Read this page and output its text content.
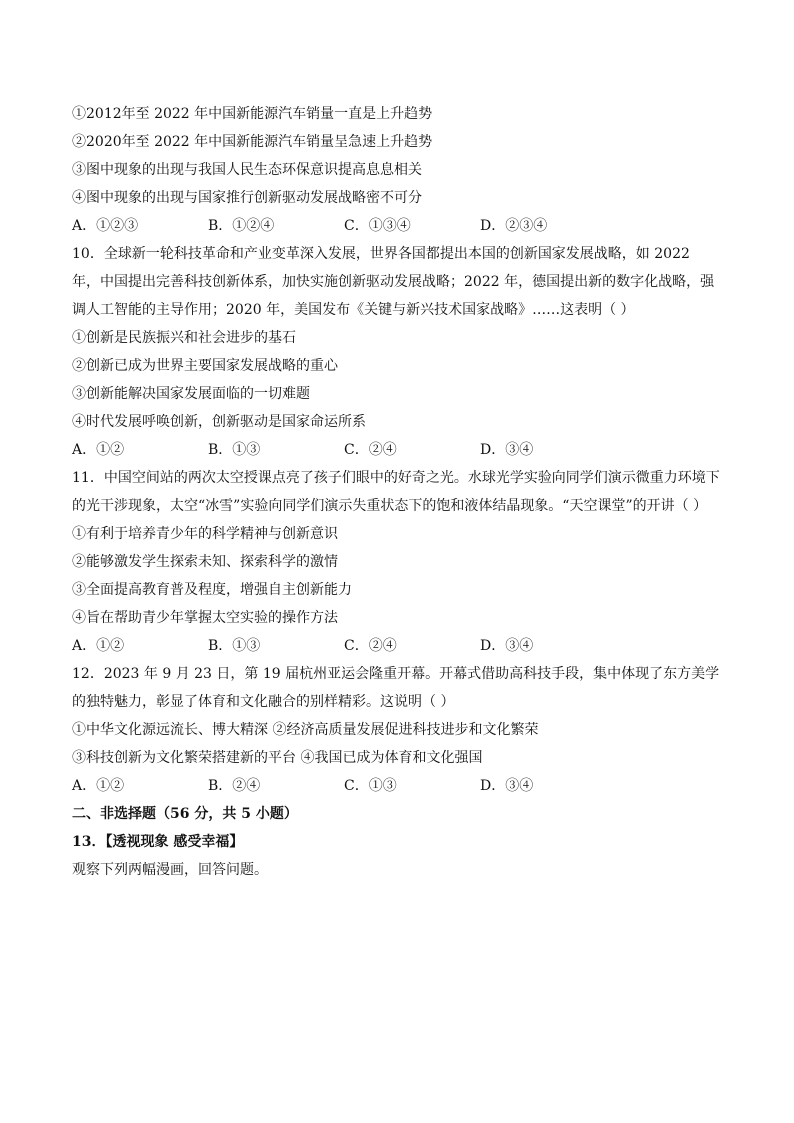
①2012年至 2022 年中国新能源汽车销量一直是上升趋势
②2020年至 2022 年中国新能源汽车销量呈急速上升趋势
③图中现象的出现与我国人民生态环保意识提高息息相关
④图中现象的出现与国家推行创新驱动发展战略密不可分
A．①②③	B．①②④	C．①③④	D．②③④
10．全球新一轮科技革命和产业变革深入发展，世界各国都提出本国的创新国家发展战略，如 2022 年，中国提出完善科技创新体系，加快实施创新驱动发展战略；2022 年，德国提出新的数字化战略，强调人工智能的主导作用；2020 年，美国发布《关键与新兴技术国家战略》……这表明（ ）
①创新是民族振兴和社会进步的基石
②创新已成为世界主要国家发展战略的重心
③创新能解决国家发展面临的一切难题
④时代发展呼唤创新，创新驱动是国家命运所系
A．①②	B．①③	C．②④	D．③④
11．中国空间站的两次太空授课点亮了孩子们眼中的好奇之光。水球光学实验向同学们演示微重力环境下的光干涉现象，太空“冰雪”实验向同学们演示失重状态下的饱和液体结晶现象。“天空课堂”的开讲（ ）
①有利于培养青少年的科学精神与创新意识
②能够激发学生探索未知、探索科学的激情
③全面提高教育普及程度，增强自主创新能力
④旨在帮助青少年掌握太空实验的操作方法
A．①②	B．①③	C．②④	D．③④
12．2023 年 9 月 23 日，第 19 届杭州亚运会隆重开幕。开幕式借助高科技手段，集中体现了东方美学的独特魅力，彰显了体育和文化融合的别样精彩。这说明（ ）
①中华文化源远流长、博大精深 ②经济高质量发展促进科技进步和文化繁荣
③科技创新为文化繁荣搭建新的平台 ④我国已成为体育和文化强国
A．①②	B．②④	C．①③	D．③④
二、非选择题（56 分，共 5 小题）
13．【透视现象 感受幸福】
观察下列两幅漫画，回答问题。
